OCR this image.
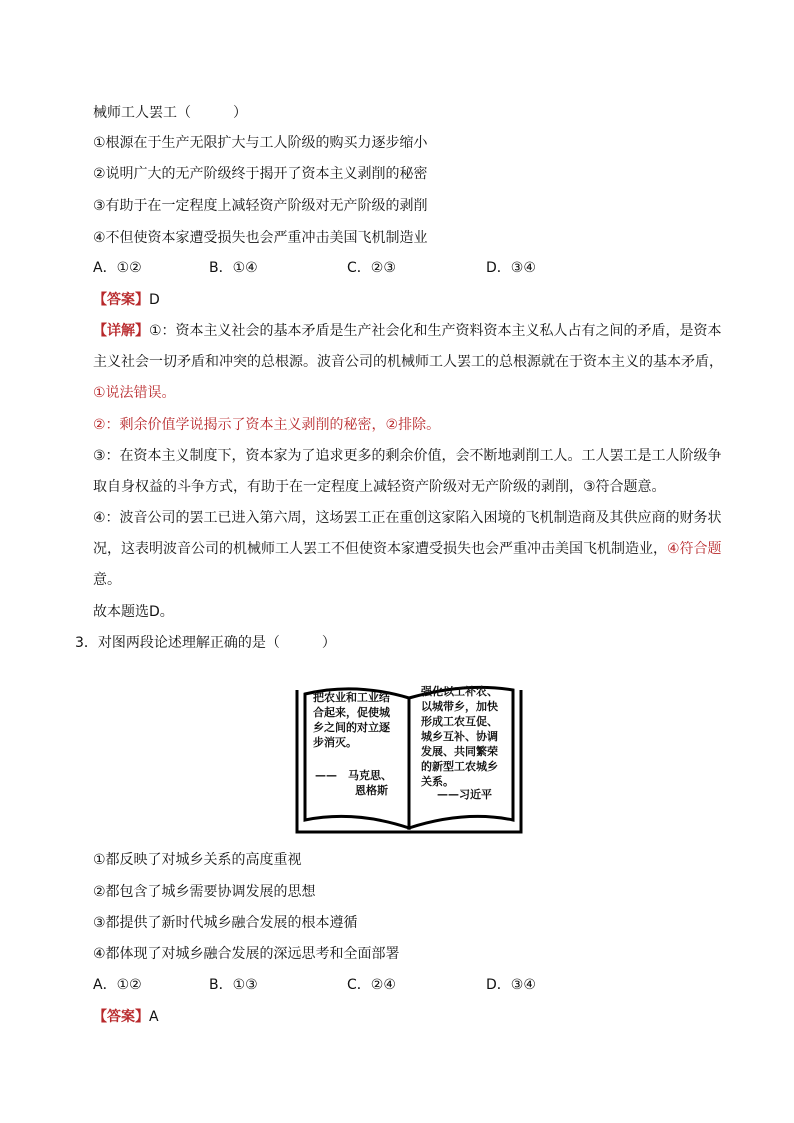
械师工人罢工（　　　）
①根源在于生产无限扩大与工人阶级的购买力逐步缩小
②说明广大的无产阶级终于揭开了资本主义剥削的秘密
③有助于在一定程度上减轻资产阶级对无产阶级的剥削
④不但使资本家遭受损失也会严重冲击美国飞机制造业
A．①②	B．①④	C．②③	D．③④
【答案】D
【详解】①：资本主义社会的基本矛盾是生产社会化和生产资料资本主义私人占有之间的矛盾，是资本
主义社会一切矛盾和冲突的总根源。波音公司的机械师工人罢工的总根源就在于资本主义的基本矛盾，
①说法错误。
②：剩余价值学说揭示了资本主义剥削的秘密，②排除。
③：在资本主义制度下，资本家为了追求更多的剩余价值，会不断地剥削工人。工人罢工是工人阶级争
取自身权益的斗争方式，有助于在一定程度上减轻资产阶级对无产阶级的剥削，③符合题意。
④：波音公司的罢工已进入第六周，这场罢工正在重创这家陷入困境的飞机制造商及其供应商的财务状
况，这表明波音公司的机械师工人罢工不但使资本家遭受损失也会严重冲击美国飞机制造业，④符合题
意。
故本题选D。
3．对图两段论述理解正确的是（　　　）
把农业和工业结
合起来，促使城
乡之间的对立逐
步消灭。
——　马克思、
恩格斯
强化以工补农、
以城带乡，加快
形成工农互促、
城乡互补、协调
发展、共同繁荣
的新型工农城乡
关系。
——习近平
①都反映了对城乡关系的高度重视
②都包含了城乡需要协调发展的思想
③都提供了新时代城乡融合发展的根本遵循
④都体现了对城乡融合发展的深远思考和全面部署
A．①②	B．①③	C．②④	D．③④
【答案】A
